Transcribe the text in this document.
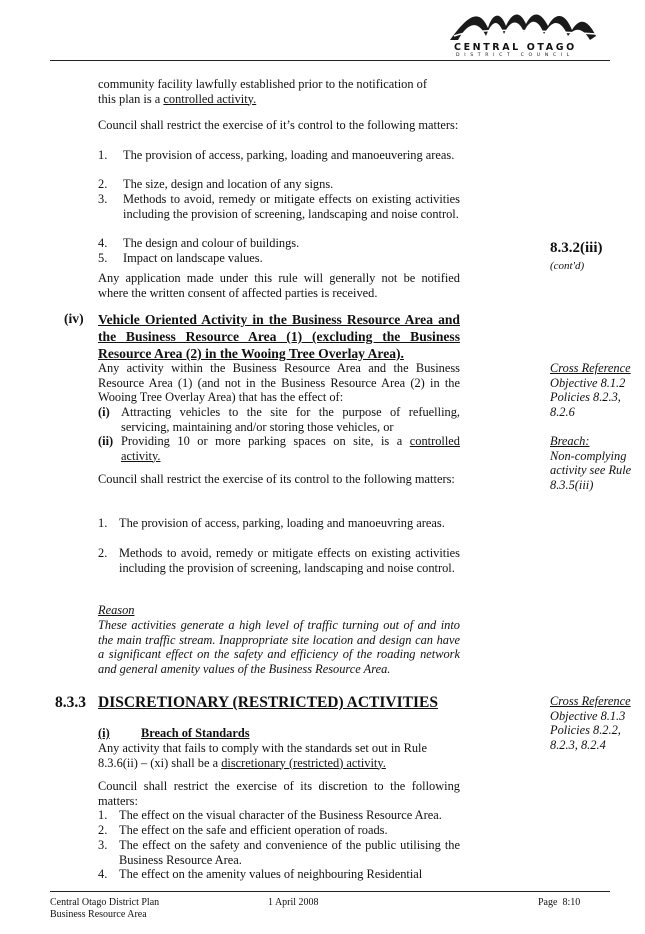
CENTRAL OTAGO
D I S T R I C T   C O U N C I L
community facility lawfully established prior to the notification of
this plan is a controlled activity.
Council shall restrict the exercise of it’s control to the following matters:
1.	The provision of access, parking, loading and manoeuvering areas.
2.	The size, design and location of any signs.
3.	Methods to avoid, remedy or mitigate effects on existing activities including the provision of screening, landscaping and noise control.
4.	The design and colour of buildings.
5.	Impact on landscape values.
Any application made under this rule will generally not be notified where the written consent of affected parties is received.
8.3.2(iii)
(cont'd)
(iv) Vehicle Oriented Activity in the Business Resource Area and the Business Resource Area (1) (excluding the Business Resource Area (2) in the Wooing Tree Overlay Area).
Any activity within the Business Resource Area and the Business Resource Area (1) (and not in the Business Resource Area (2) in the Wooing Tree Overlay Area) that has the effect of:
(i) Attracting vehicles to the site for the purpose of refuelling, servicing, maintaining and/or storing those vehicles, or
(ii) Providing 10 or more parking spaces on site, is a controlled
activity.
Council shall restrict the exercise of its control to the following matters:
1. The provision of access, parking, loading and manoeuvring areas.
2. Methods to avoid, remedy or mitigate effects on existing activities including the provision of screening, landscaping and noise control.
Reason
These activities generate a high level of traffic turning out of and into the main traffic stream. Inappropriate site location and design can have a significant effect on the safety and efficiency of the roading network and general amenity values of the Business Resource Area.
Cross Reference
Objective 8.1.2
Policies 8.2.3,
8.2.6
Breach:
Non-complying
activity see Rule
8.3.5(iii)
8.3.3 DISCRETIONARY (RESTRICTED) ACTIVITIES
(i)	Breach of Standards
Any activity that fails to comply with the standards set out in Rule
8.3.6(ii) – (xi) shall be a discretionary (restricted) activity.
Council shall restrict the exercise of its discretion to the following matters:
1. The effect on the visual character of the Business Resource Area.
2. The effect on the safe and efficient operation of roads.
3. The effect on the safety and convenience of the public utilising the Business Resource Area.
4. The effect on the amenity values of neighbouring Residential
Cross Reference
Objective 8.1.3
Policies 8.2.2,
8.2.3, 8.2.4
Central Otago District Plan
Business Resource Area
1 April 2008	Page  8:10
